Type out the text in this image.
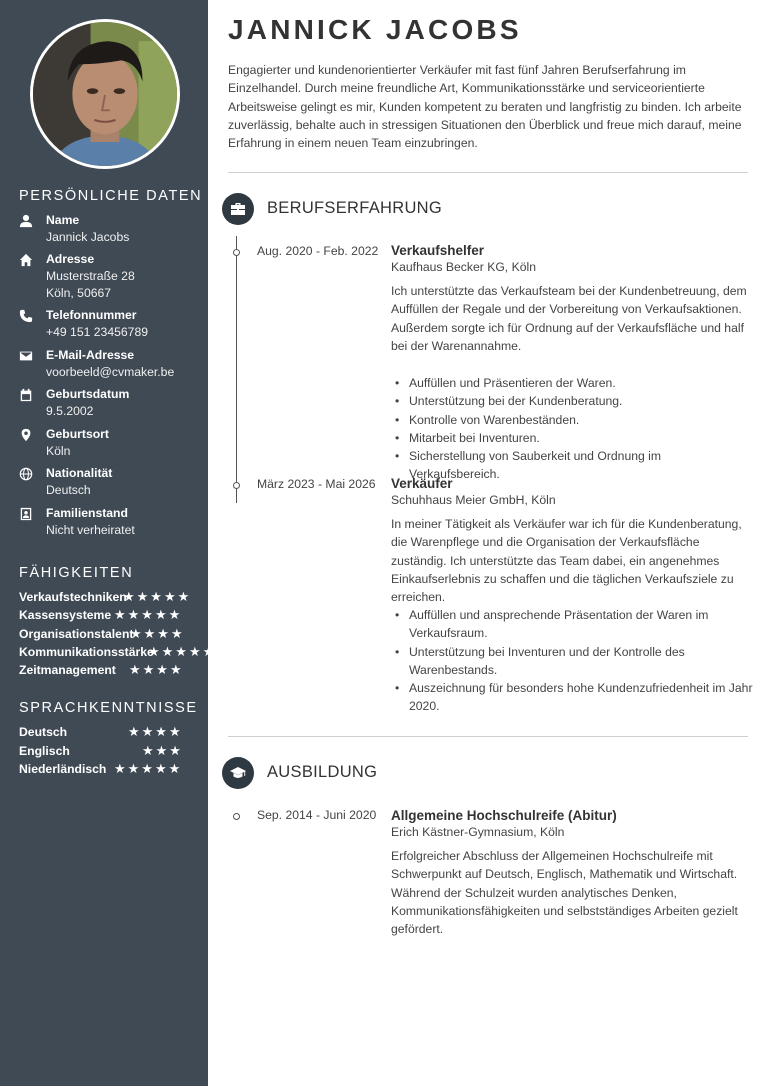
PERSÖNLICHE DATEN
Name
Jannick Jacobs
Adresse
Musterstraße 28
Köln, 50667
Telefonnummer
+49 151 23456789
E-Mail-Adresse
voorbeeld@cvmaker.be
Geburtsdatum
9.5.2002
Geburtsort
Köln
Nationalität
Deutsch
Familienstand
Nicht verheiratet
FÄHIGKEITEN
Verkaufstechniken
★★★★★
Kassensysteme ★★★★★
Organisationstalent
★★★★
Kommunikationsstärke
★★★★★
Zeitmanagement ★★★★
SPRACHKENNTNISSE
Deutsch	★★★★
Englisch	★★★
Niederländisch ★★★★★
JANNICK JACOBS
Engagierter und kundenorientierter Verkäufer mit fast fünf Jahren Berufserfahrung im Einzelhandel. Durch meine freundliche Art, Kommunikationsstärke und serviceorientierte Arbeitsweise gelingt es mir, Kunden kompetent zu beraten und langfristig zu binden. Ich arbeite zuverlässig, behalte auch in stressigen Situationen den Überblick und freue mich darauf, meine Erfahrung in einem neuen Team einzubringen.
BERUFSERFAHRUNG
Aug. 2020 - Feb. 2022 Verkaufshelfer
Kaufhaus Becker KG, Köln
Ich unterstützte das Verkaufsteam bei der Kundenbetreuung, dem Auffüllen der Regale und der Vorbereitung von Verkaufsaktionen. Außerdem sorgte ich für Ordnung auf der Verkaufsfläche und half bei der Warenannahme.
• Auffüllen und Präsentieren der Waren.
• Unterstützung bei der Kundenberatung.
• Kontrolle von Warenbeständen.
• Mitarbeit bei Inventuren.
• Sicherstellung von Sauberkeit und Ordnung im Verkaufsbereich.
März 2023 - Mai 2026 Verkäufer
Schuhhaus Meier GmbH, Köln
In meiner Tätigkeit als Verkäufer war ich für die Kundenberatung, die Warenpflege und die Organisation der Verkaufsfläche zuständig. Ich unterstützte das Team dabei, ein angenehmes Einkaufserlebnis zu schaffen und die täglichen Verkaufsziele zu erreichen.
• Auffüllen und ansprechende Präsentation der Waren im Verkaufsraum.
• Unterstützung bei Inventuren und der Kontrolle des Warenbestands.
• Auszeichnung für besonders hohe Kundenzufriedenheit im Jahr 2020.
AUSBILDUNG
Sep. 2014 - Juni 2020 Allgemeine Hochschulreife (Abitur)
Erich Kästner-Gymnasium, Köln
Erfolgreicher Abschluss der Allgemeinen Hochschulreife mit Schwerpunkt auf Deutsch, Englisch, Mathematik und Wirtschaft. Während der Schulzeit wurden analytisches Denken, Kommunikationsfähigkeiten und selbstständiges Arbeiten gezielt gefördert.
